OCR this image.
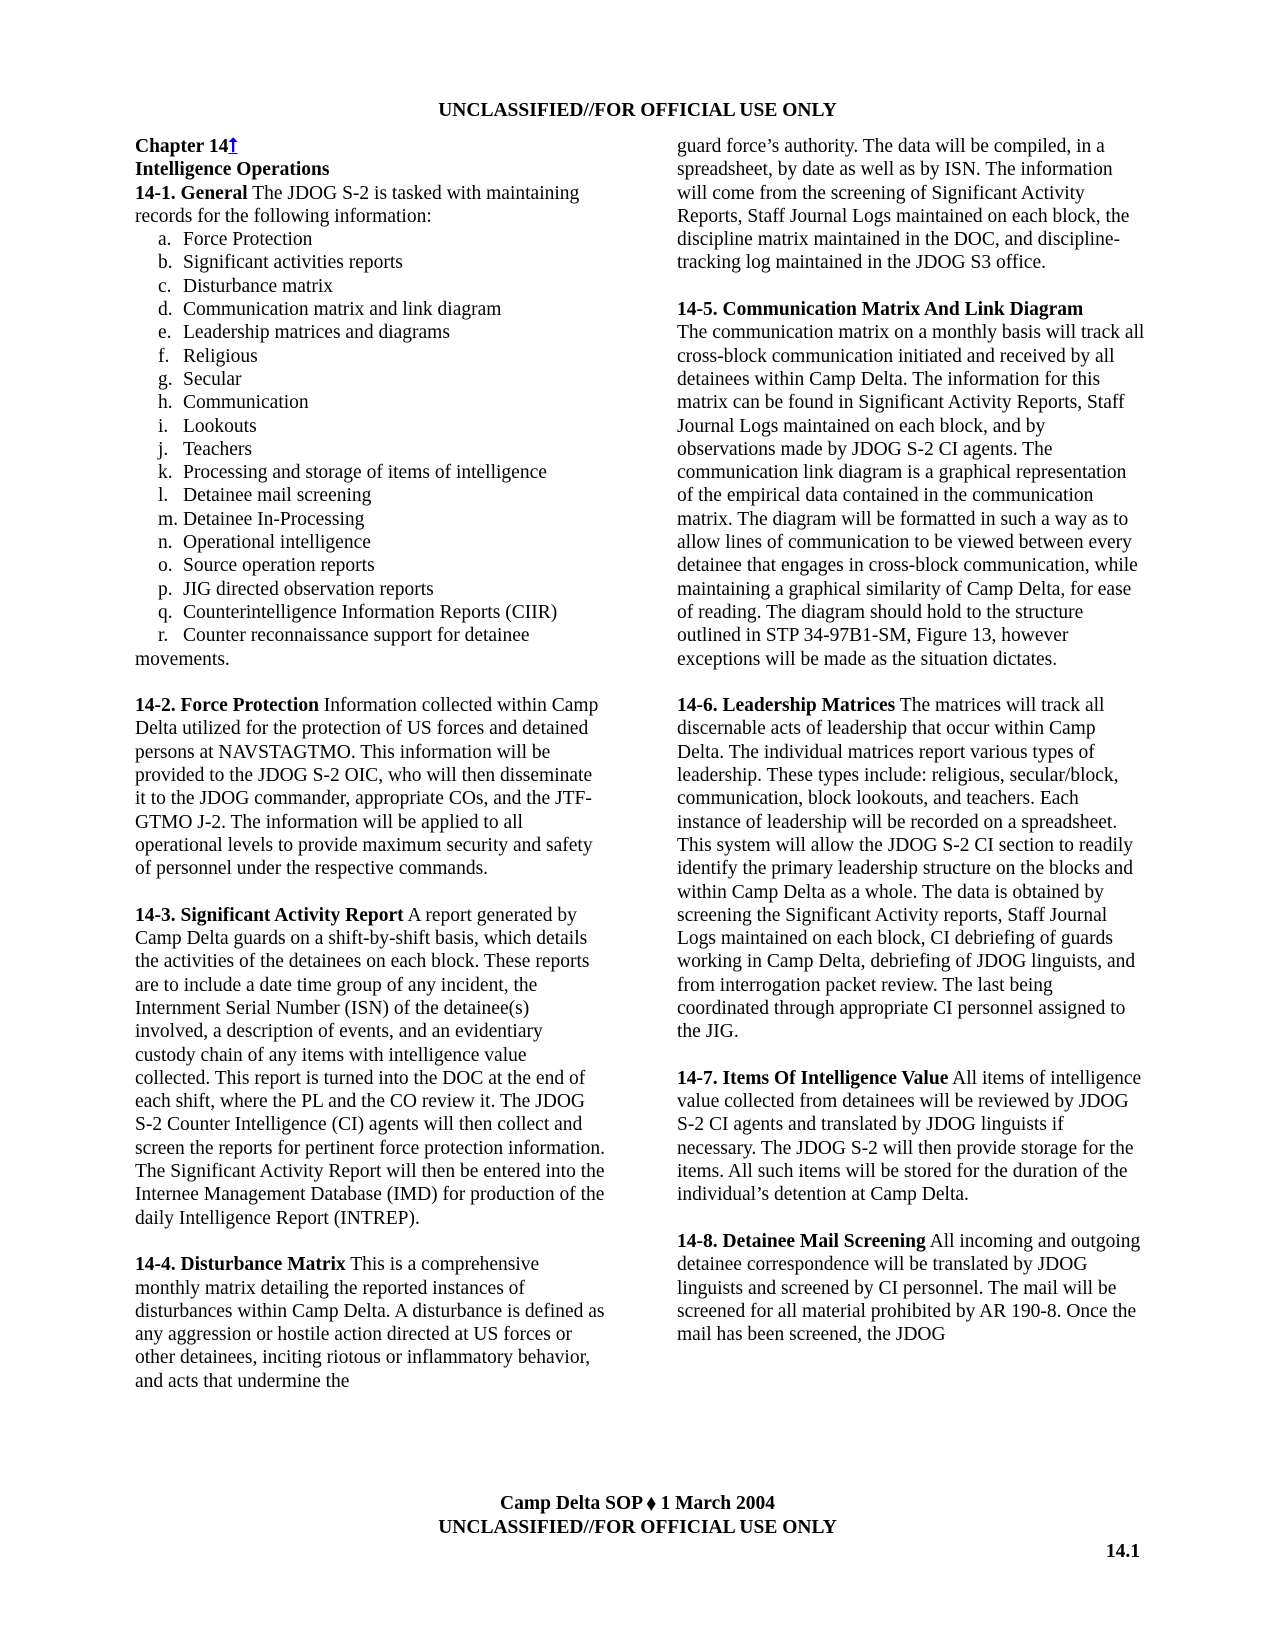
UNCLASSIFIED//FOR OFFICIAL USE ONLY

Chapter 14⭡

Intelligence Operations

14-1. General The JDOG S-2 is tasked with maintaining records for the following information:

a. Force Protection
b. Significant activities reports
c. Disturbance matrix
d. Communication matrix and link diagram
e. Leadership matrices and diagrams
f. Religious
g. Secular
h. Communication
i. Lookouts
j. Teachers
k. Processing and storage of items of intelligence
l. Detainee mail screening
m. Detainee In-Processing
n. Operational intelligence
o. Source operation reports
p. JIG directed observation reports
q. Counterintelligence Information Reports (CIIR)
r. Counter reconnaissance support for detainee

movements.

14-2. Force Protection Information collected within Camp Delta utilized for the protection of US forces and detained persons at NAVSTAGTMO. This information will be provided to the JDOG S-2 OIC, who will then disseminate it to the JDOG commander, appropriate COs, and the JTF-GTMO J-2. The information will be applied to all operational levels to provide maximum security and safety of personnel under the respective commands.

14-3. Significant Activity Report A report generated by Camp Delta guards on a shift-by-shift basis, which details the activities of the detainees on each block. These reports are to include a date time group of any incident, the Internment Serial Number (ISN) of the detainee(s) involved, a description of events, and an evidentiary custody chain of any items with intelligence value collected. This report is turned into the DOC at the end of each shift, where the PL and the CO review it. The JDOG S-2 Counter Intelligence (CI) agents will then collect and screen the reports for pertinent force protection information. The Significant Activity Report will then be entered into the Internee Management Database (IMD) for production of the daily Intelligence Report (INTREP).

14-4. Disturbance Matrix This is a comprehensive monthly matrix detailing the reported instances of disturbances within Camp Delta. A disturbance is defined as any aggression or hostile action directed at US forces or other detainees, inciting riotous or inflammatory behavior, and acts that undermine the

guard force’s authority. The data will be compiled, in a spreadsheet, by date as well as by ISN. The information will come from the screening of Significant Activity Reports, Staff Journal Logs maintained on each block, the discipline matrix maintained in the DOC, and discipline-tracking log maintained in the JDOG S3 office.

14-5. Communication Matrix And Link Diagram

The communication matrix on a monthly basis will track all cross-block communication initiated and received by all detainees within Camp Delta. The information for this matrix can be found in Significant Activity Reports, Staff Journal Logs maintained on each block, and by observations made by JDOG S-2 CI agents. The communication link diagram is a graphical representation of the empirical data contained in the communication matrix. The diagram will be formatted in such a way as to allow lines of communication to be viewed between every detainee that engages in cross-block communication, while maintaining a graphical similarity of Camp Delta, for ease of reading. The diagram should hold to the structure outlined in STP 34-97B1-SM, Figure 13, however exceptions will be made as the situation dictates.

14-6. Leadership Matrices The matrices will track all discernable acts of leadership that occur within Camp Delta. The individual matrices report various types of leadership. These types include: religious, secular/block, communication, block lookouts, and teachers. Each instance of leadership will be recorded on a spreadsheet. This system will allow the JDOG S-2 CI section to readily identify the primary leadership structure on the blocks and within Camp Delta as a whole. The data is obtained by screening the Significant Activity reports, Staff Journal Logs maintained on each block, CI debriefing of guards working in Camp Delta, debriefing of JDOG linguists, and from interrogation packet review. The last being coordinated through appropriate CI personnel assigned to the JIG.

14-7. Items Of Intelligence Value All items of intelligence value collected from detainees will be reviewed by JDOG S-2 CI agents and translated by JDOG linguists if necessary. The JDOG S-2 will then provide storage for the items. All such items will be stored for the duration of the individual’s detention at Camp Delta.

14-8. Detainee Mail Screening All incoming and outgoing detainee correspondence will be translated by JDOG linguists and screened by CI personnel. The mail will be screened for all material prohibited by AR 190-8. Once the mail has been screened, the JDOG

Camp Delta SOP ⬧ 1 March 2004
UNCLASSIFIED//FOR OFFICIAL USE ONLY
14.1
